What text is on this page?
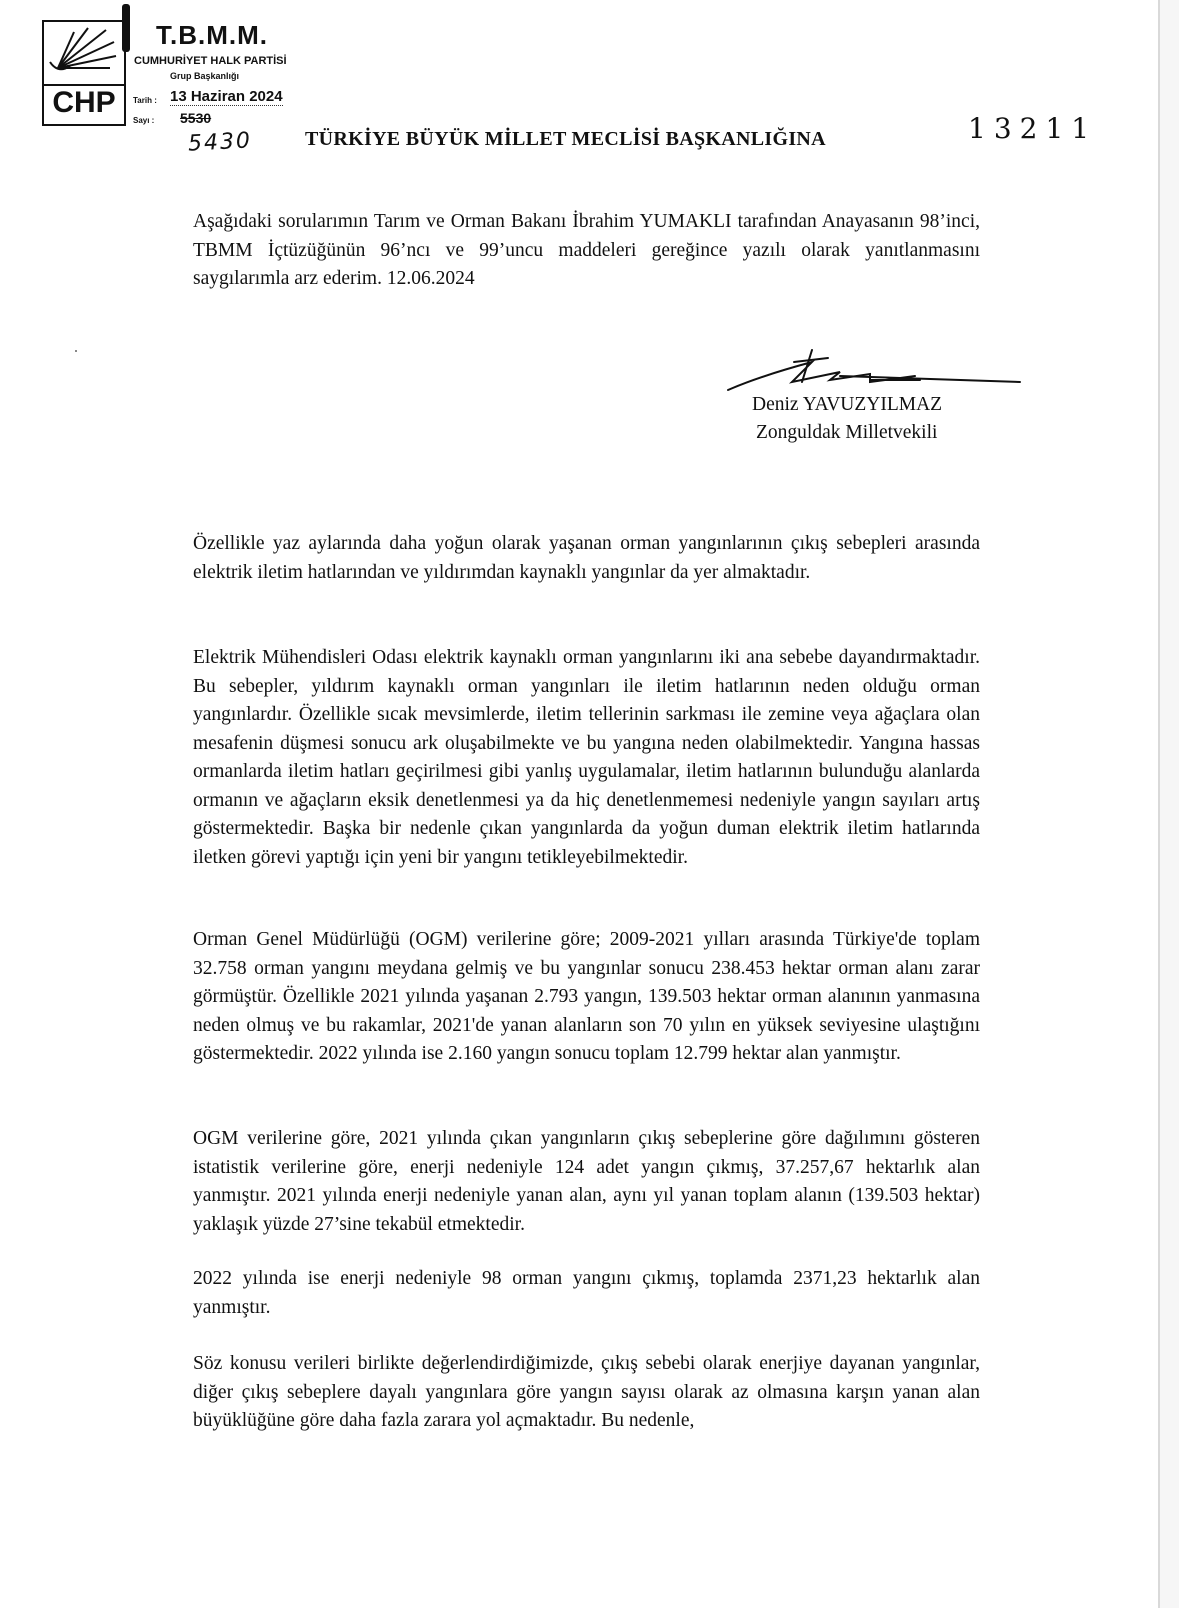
CHP
T.B.M.M.
CUMHURİYET HALK PARTİSİ
Grup Başkanlığı
Tarih : 13 Haziran 2024
Sayı : 5530
5430	TÜRKİYE BÜYÜK MİLLET MECLİSİ BAŞKANLIĞINA	13211

Aşağıdaki sorularımın Tarım ve Orman Bakanı İbrahim YUMAKLI tarafından Anayasanın 98’inci, TBMM İçtüzüğünün 96’ncı ve 99’uncu maddeleri gereğince yazılı olarak yanıtlanmasını saygılarımla arz ederim. 12.06.2024

Deniz YAVUZYILMAZ
Zonguldak Milletvekili

Özellikle yaz aylarında daha yoğun olarak yaşanan orman yangınlarının çıkış sebepleri arasında elektrik iletim hatlarından ve yıldırımdan kaynaklı yangınlar da yer almaktadır.

Elektrik Mühendisleri Odası elektrik kaynaklı orman yangınlarını iki ana sebebe dayandırmaktadır. Bu sebepler, yıldırım kaynaklı orman yangınları ile iletim hatlarının neden olduğu orman yangınlardır. Özellikle sıcak mevsimlerde, iletim tellerinin sarkması ile zemine veya ağaçlara olan mesafenin düşmesi sonucu ark oluşabilmekte ve bu yangına neden olabilmektedir. Yangına hassas ormanlarda iletim hatları geçirilmesi gibi yanlış uygulamalar, iletim hatlarının bulunduğu alanlarda ormanın ve ağaçların eksik denetlenmesi ya da hiç denetlenmemesi nedeniyle yangın sayıları artış göstermektedir. Başka bir nedenle çıkan yangınlarda da yoğun duman elektrik iletim hatlarında iletken görevi yaptığı için yeni bir yangını tetikleyebilmektedir.

Orman Genel Müdürlüğü (OGM) verilerine göre; 2009-2021 yılları arasında Türkiye'de toplam 32.758 orman yangını meydana gelmiş ve bu yangınlar sonucu 238.453 hektar orman alanı zarar görmüştür. Özellikle 2021 yılında yaşanan 2.793 yangın, 139.503 hektar orman alanının yanmasına neden olmuş ve bu rakamlar, 2021'de yanan alanların son 70 yılın en yüksek seviyesine ulaştığını göstermektedir. 2022 yılında ise 2.160 yangın sonucu toplam 12.799 hektar alan yanmıştır.

OGM verilerine göre, 2021 yılında çıkan yangınların çıkış sebeplerine göre dağılımını gösteren istatistik verilerine göre, enerji nedeniyle 124 adet yangın çıkmış, 37.257,67 hektarlık alan yanmıştır. 2021 yılında enerji nedeniyle yanan alan, aynı yıl yanan toplam alanın (139.503 hektar) yaklaşık yüzde 27’sine tekabül etmektedir.

2022 yılında ise enerji nedeniyle 98 orman yangını çıkmış, toplamda 2371,23 hektarlık alan yanmıştır.

Söz konusu verileri birlikte değerlendirdiğimizde, çıkış sebebi olarak enerjiye dayanan yangınlar, diğer çıkış sebeplere dayalı yangınlara göre yangın sayısı olarak az olmasına karşın yanan alan büyüklüğüne göre daha fazla zarara yol açmaktadır. Bu nedenle,
